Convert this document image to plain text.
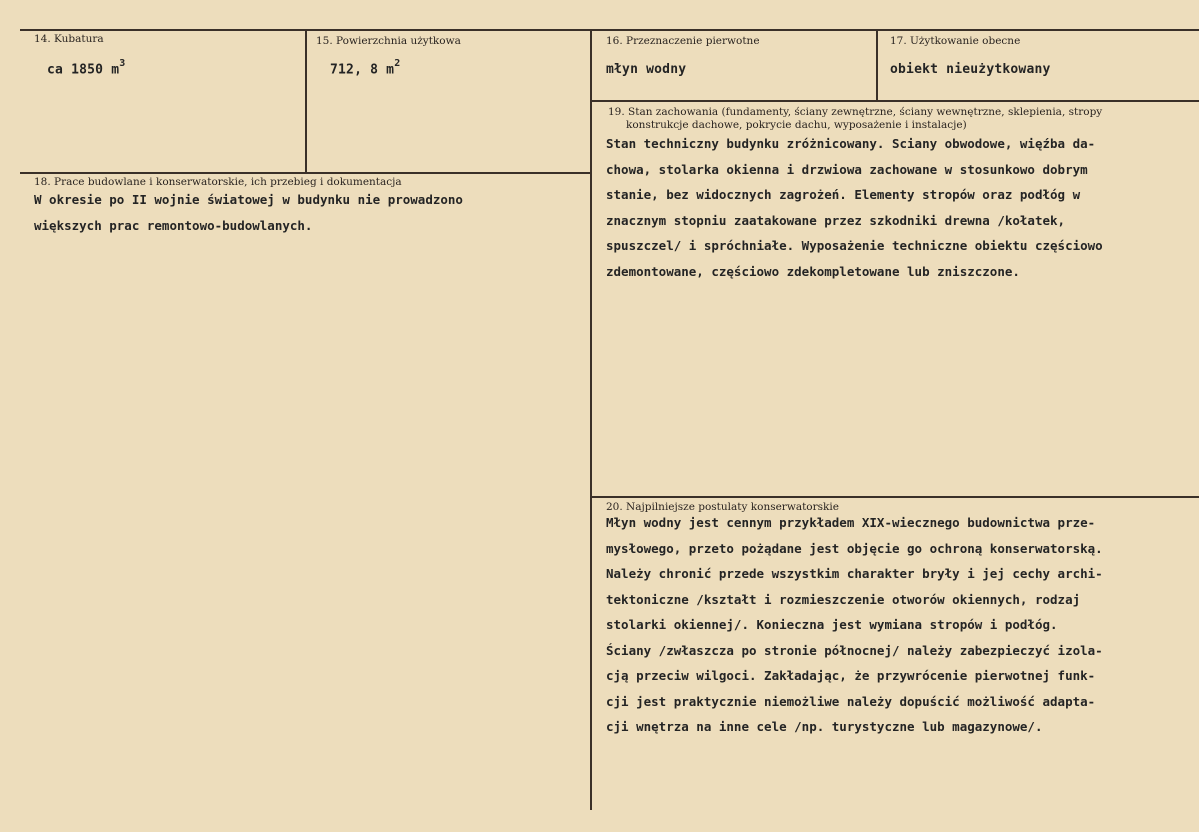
14. Kubatura
ca 1850 $m^3$
15. Powierzchnia użytkowa
712, 8 $m^2$
16. Przeznaczenie pierwotne
młyn wodny
17. Użytkowanie obecne
obiekt nieużytkowany
18. Prace budowlane i konserwatorskie, ich przebieg i dokumentacja
W okresie po II wojnie światowej w budynku nie prowadzono
większych prac remontowo-budowlanych.
19. Stan zachowania (fundamenty, ściany zewnętrzne, ściany wewnętrzne, sklepienia, stropy
konstrukcje dachowe, pokrycie dachu, wyposażenie i instalacje)
Stan techniczny budynku zróżnicowany. Sciany obwodowe, więźba da-
chowa, stolarka okienna i drzwiowa zachowane w stosunkowo dobrym
stanie, bez widocznych zagrożeń. Elementy stropów oraz podłóg w
znacznym stopniu zaatakowane przez szkodniki drewna /kołatek,
spuszczel/ i spróchniałe. Wyposażenie techniczne obiektu częściowo
zdemontowane, częściowo zdekompletowane lub zniszczone.
20. Najpilniejsze postulaty konserwatorskie
Młyn wodny jest cennym przykładem XIX-wiecznego budownictwa prze-
mysłowego, przeto pożądane jest objęcie go ochroną konserwatorską.
Należy chronić przede wszystkim charakter bryły i jej cechy archi-
tektoniczne /kształt i rozmieszczenie otworów okiennych, rodzaj
stolarki okiennej/. Konieczna jest wymiana stropów i podłóg.
Ściany /zwłaszcza po stronie północnej/ należy zabezpieczyć izola-
cją przeciw wilgoci. Zakładając, że przywrócenie pierwotnej funk-
cji jest praktycznie niemożliwe należy dopuścić możliwość adapta-
cji wnętrza na inne cele /np. turystyczne lub magazynowe/.
